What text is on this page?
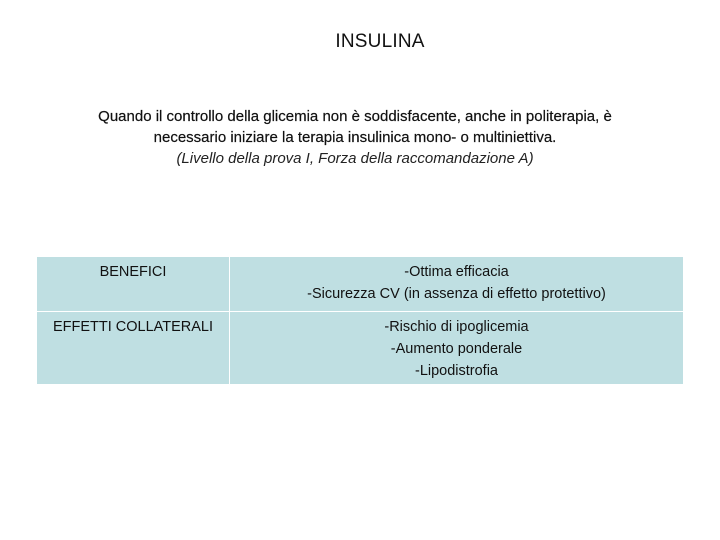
INSULINA
Quando il controllo della glicemia non è soddisfacente, anche in politerapia, è
necessario iniziare la terapia insulinica mono- o multiniettiva.
(Livello della prova I, Forza della raccomandazione A)
BENEFICI	-Ottima efficacia
-Sicurezza CV (in assenza di effetto protettivo)

EFFETTI COLLATERALI	-Rischio di ipoglicemia
-Aumento ponderale
-Lipodistrofia
